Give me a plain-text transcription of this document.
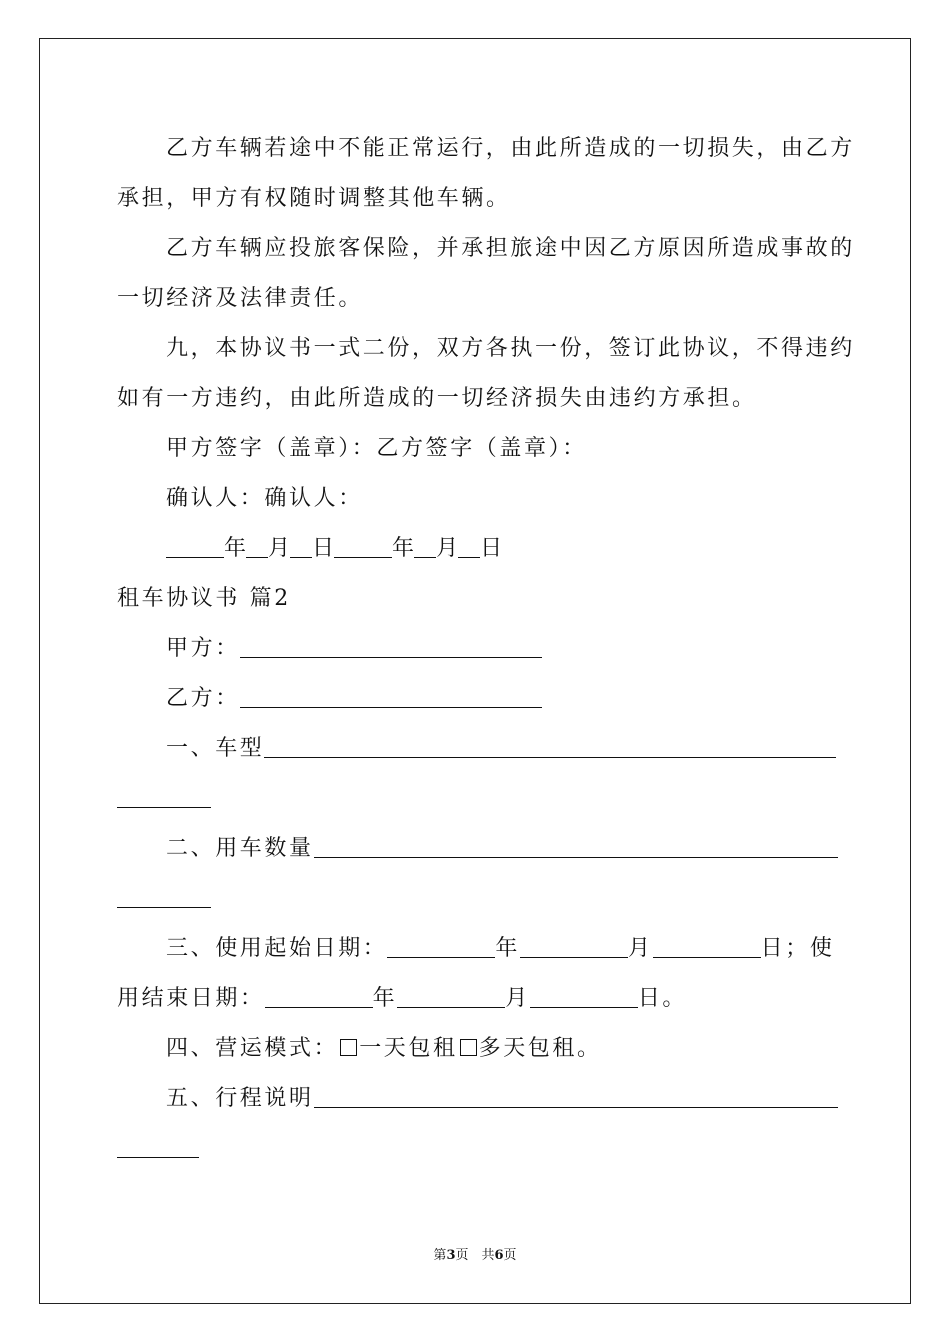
乙方车辆若途中不能正常运行，由此所造成的一切损失，由乙方
承担，甲方有权随时调整其他车辆。
乙方车辆应投旅客保险，并承担旅途中因乙方原因所造成事故的
一切经济及法律责任。
九，本协议书一式二份，双方各执一份，签订此协议，不得违约
如有一方违约，由此所造成的一切经济损失由违约方承担。
甲方签字（盖章）：乙方签字（盖章）：
确认人：确认人：
年 月 日	年 月 日
租车协议书 篇2
甲方：
乙方：
一、车型
二、用车数量
三、使用起始日期：	年	月	日；使
用结束日期：	年	月	日。
四、营运模式： 一天包租 多天包租。
五、行程说明
第3页　共6页
